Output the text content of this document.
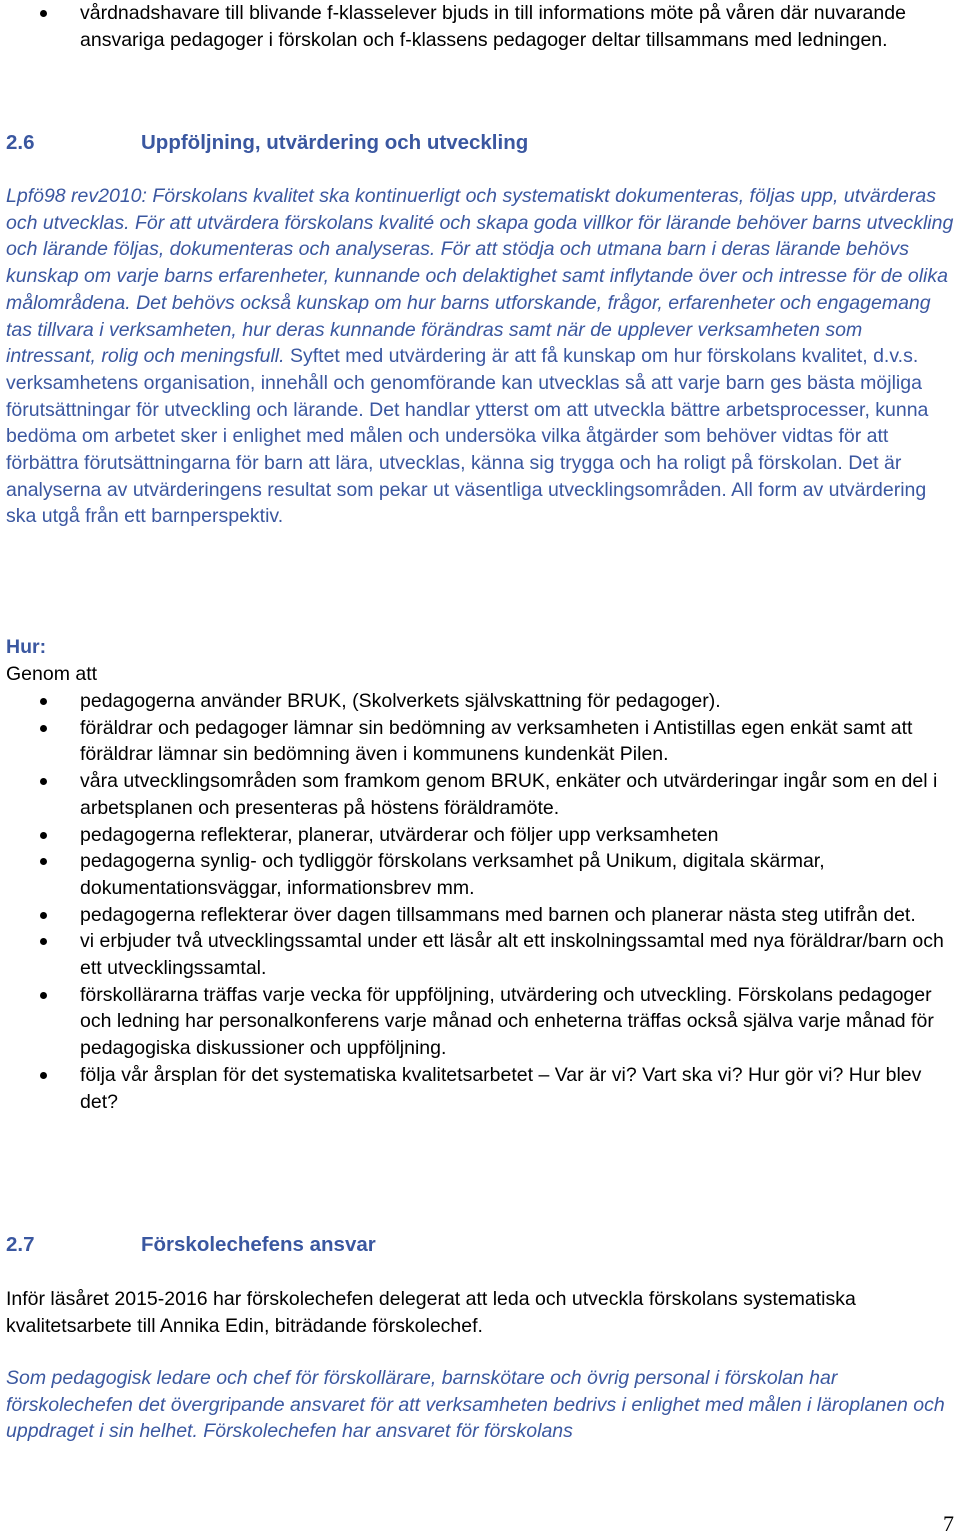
vårdnadshavare till blivande f-klasselever bjuds in till informations möte på våren där nuvarande ansvariga pedagoger i förskolan och f-klassens pedagoger deltar tillsammans med ledningen.
2.6	Uppföljning, utvärdering och utveckling
Lpfö98 rev2010: Förskolans kvalitet ska kontinuerligt och systematiskt dokumenteras, följas upp, utvärderas och utvecklas. För att utvärdera förskolans kvalité och skapa goda villkor för lärande behöver barns utveckling och lärande följas, dokumenteras och analyseras. För att stödja och utmana barn i deras lärande behövs kunskap om varje barns erfarenheter, kunnande och delaktighet samt inflytande över och intresse för de olika målområdena. Det behövs också kunskap om hur barns utforskande, frågor, erfarenheter och engagemang tas tillvara i verksamheten, hur deras kunnande förändras samt när de upplever verksamheten som intressant, rolig och meningsfull. Syftet med utvärdering är att få kunskap om hur förskolans kvalitet, d.v.s. verksamhetens organisation, innehåll och genomförande kan utvecklas så att varje barn ges bästa möjliga förutsättningar för utveckling och lärande. Det handlar ytterst om att utveckla bättre arbetsprocesser, kunna bedöma om arbetet sker i enlighet med målen och undersöka vilka åtgärder som behöver vidtas för att förbättra förutsättningarna för barn att lära, utvecklas, känna sig trygga och ha roligt på förskolan. Det är analyserna av utvärderingens resultat som pekar ut väsentliga utvecklingsområden. All form av utvärdering ska utgå från ett barnperspektiv.
Hur:
Genom att
pedagogerna använder BRUK, (Skolverkets självskattning för pedagoger).
föräldrar och pedagoger lämnar sin bedömning av verksamheten i Antistillas egen enkät samt att föräldrar lämnar sin bedömning även i kommunens kundenkät Pilen.
våra utvecklingsområden som framkom genom BRUK, enkäter och utvärderingar ingår som en del i arbetsplanen och presenteras på höstens föräldramöte.
pedagogerna reflekterar, planerar, utvärderar och följer upp verksamheten
pedagogerna synlig- och tydliggör förskolans verksamhet på Unikum, digitala skärmar, dokumentationsväggar, informationsbrev mm.
pedagogerna reflekterar över dagen tillsammans med barnen och planerar nästa steg utifrån det.
vi erbjuder två utvecklingssamtal under ett läsår alt ett inskolningssamtal med nya föräldrar/barn och ett utvecklingssamtal.
förskollärarna träffas varje vecka för uppföljning, utvärdering och utveckling. Förskolans pedagoger och ledning har personalkonferens varje månad och enheterna träffas också själva varje månad för pedagogiska diskussioner och uppföljning.
följa vår årsplan för det systematiska kvalitetsarbetet – Var är vi? Vart ska vi? Hur gör vi? Hur blev det?
2.7	Förskolechefens ansvar
Inför läsåret 2015-2016 har förskolechefen delegerat att leda och utveckla förskolans systematiska kvalitetsarbete till Annika Edin, biträdande förskolechef.
Som pedagogisk ledare och chef för förskollärare, barnskötare och övrig personal i förskolan har förskolechefen det övergripande ansvaret för att verksamheten bedrivs i enlighet med målen i läroplanen och uppdraget i sin helhet. Förskolechefen har ansvaret för förskolans
7
